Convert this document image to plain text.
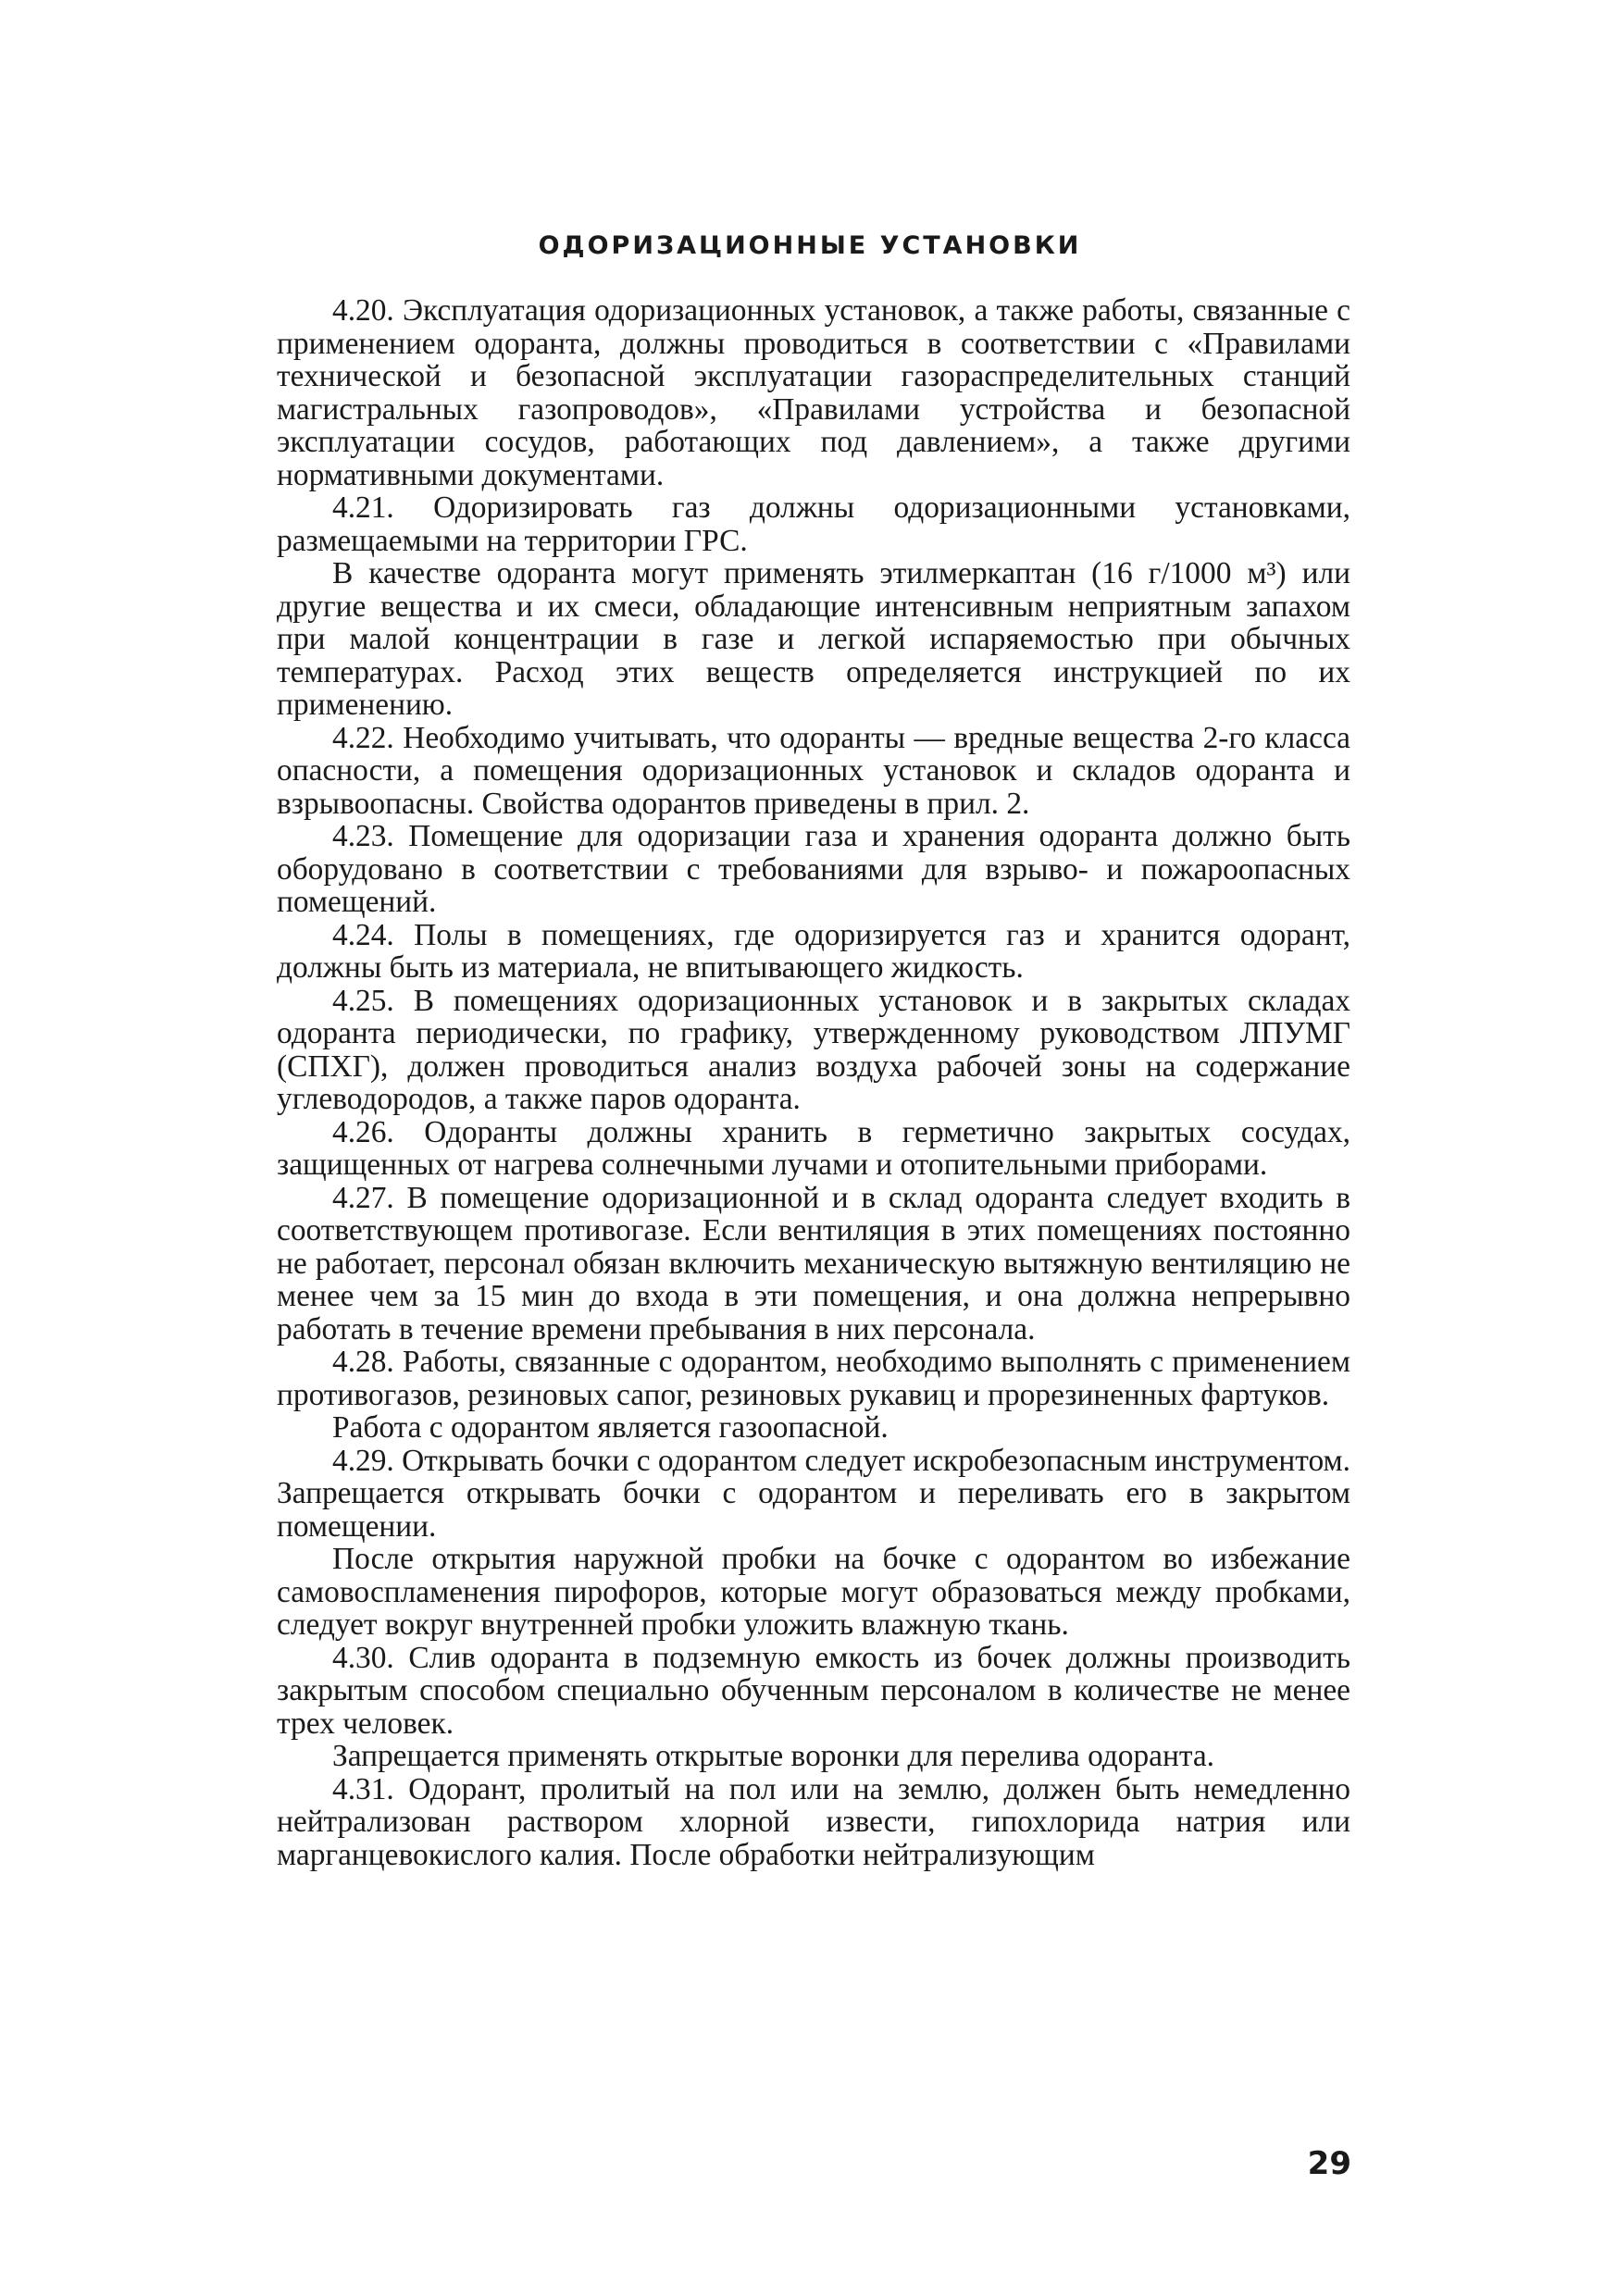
ОДОРИЗАЦИОННЫЕ УСТАНОВКИ

4.20. Эксплуатация одоризационных установок, а также работы, связанные с применением одоранта, должны проводиться в соответствии с «Правилами технической и безопасной эксплуатации газораспределительных станций магистральных газопроводов», «Правилами устройства и безопасной эксплуатации сосудов, работающих под давлением», а также другими нормативными документами.

4.21. Одоризировать газ должны одоризационными установками, размещаемыми на территории ГРС.

В качестве одоранта могут применять этилмеркаптан (16 г/1000 м³) или другие вещества и их смеси, обладающие интенсивным неприятным запахом при малой концентрации в газе и легкой испаряемостью при обычных температурах. Расход этих веществ определяется инструкцией по их применению.

4.22. Необходимо учитывать, что одоранты — вредные вещества 2-го класса опасности, а помещения одоризационных установок и складов одоранта и взрывоопасны. Свойства одорантов приведены в прил. 2.

4.23. Помещение для одоризации газа и хранения одоранта должно быть оборудовано в соответствии с требованиями для взрыво- и пожароопасных помещений.

4.24. Полы в помещениях, где одоризируется газ и хранится одорант, должны быть из материала, не впитывающего жидкость.

4.25. В помещениях одоризационных установок и в закрытых складах одоранта периодически, по графику, утвержденному руководством ЛПУМГ (СПХГ), должен проводиться анализ воздуха рабочей зоны на содержание углеводородов, а также паров одоранта.

4.26. Одоранты должны хранить в герметично закрытых сосудах, защищенных от нагрева солнечными лучами и отопительными приборами.

4.27. В помещение одоризационной и в склад одоранта следует входить в соответствующем противогазе. Если вентиляция в этих помещениях постоянно не работает, персонал обязан включить механическую вытяжную вентиляцию не менее чем за 15 мин до входа в эти помещения, и она должна непрерывно работать в течение времени пребывания в них персонала.

4.28. Работы, связанные с одорантом, необходимо выполнять с применением противогазов, резиновых сапог, резиновых рукавиц и прорезиненных фартуков.

Работа с одорантом является газоопасной.

4.29. Открывать бочки с одорантом следует искробезопасным инструментом. Запрещается открывать бочки с одорантом и переливать его в закрытом помещении.

После открытия наружной пробки на бочке с одорантом во избежание самовоспламенения пирофоров, которые могут образоваться между пробками, следует вокруг внутренней пробки уложить влажную ткань.

4.30. Слив одоранта в подземную емкость из бочек должны производить закрытым способом специально обученным персоналом в количестве не менее трех человек.

Запрещается применять открытые воронки для перелива одоранта.

4.31. Одорант, пролитый на пол или на землю, должен быть немедленно нейтрализован раствором хлорной извести, гипохлорида натрия или марганцевокислого калия. После обработки нейтрализующим

29
